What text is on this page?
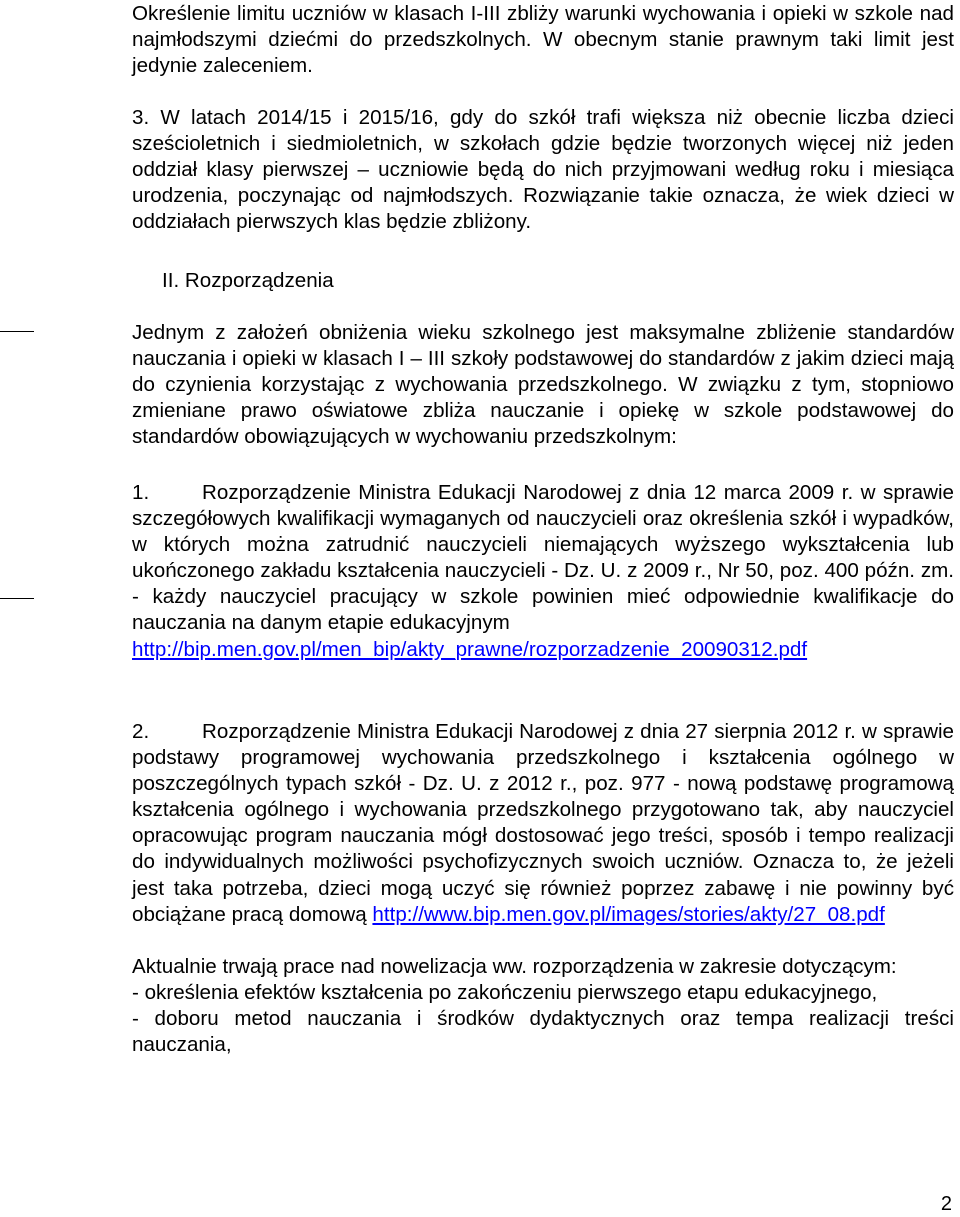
Określenie limitu uczniów w klasach I-III zbliży warunki wychowania i opieki w szkole nad najmłodszymi dziećmi do przedszkolnych. W obecnym stanie prawnym taki limit jest jedynie zaleceniem.

3. W latach 2014/15 i 2015/16, gdy do szkół trafi większa niż obecnie liczba dzieci sześcioletnich i siedmioletnich, w szkołach gdzie będzie tworzonych więcej niż jeden oddział klasy pierwszej – uczniowie będą do nich przyjmowani według roku i miesiąca urodzenia, poczynając od najmłodszych. Rozwiązanie takie oznacza, że wiek dzieci w oddziałach pierwszych klas będzie zbliżony.

II. Rozporządzenia

Jednym z założeń obniżenia wieku szkolnego jest maksymalne zbliżenie standardów nauczania i opieki w klasach I – III szkoły podstawowej do standardów z jakim dzieci mają do czynienia korzystając z wychowania przedszkolnego. W związku z tym, stopniowo zmieniane prawo oświatowe zbliża nauczanie i opiekę w szkole podstawowej do standardów obowiązujących w wychowaniu przedszkolnym:

1.	Rozporządzenie Ministra Edukacji Narodowej z dnia 12 marca 2009 r. w sprawie szczegółowych kwalifikacji wymaganych od nauczycieli oraz określenia szkół i wypadków, w których można zatrudnić nauczycieli niemających wyższego wykształcenia lub ukończonego zakładu kształcenia nauczycieli - Dz. U. z 2009 r., Nr 50, poz. 400 późn. zm. - każdy nauczyciel pracujący w szkole powinien mieć odpowiednie kwalifikacje do nauczania na danym etapie edukacyjnym

http://bip.men.gov.pl/men_bip/akty_prawne/rozporzadzenie_20090312.pdf

2.	Rozporządzenie Ministra Edukacji Narodowej z dnia 27 sierpnia 2012 r. w sprawie podstawy programowej wychowania przedszkolnego i kształcenia ogólnego w poszczególnych typach szkół - Dz. U. z 2012 r., poz. 977 - nową podstawę programową kształcenia ogólnego i wychowania przedszkolnego przygotowano tak, aby nauczyciel opracowując program nauczania mógł dostosować jego treści, sposób i tempo realizacji do indywidualnych możliwości psychofizycznych swoich uczniów. Oznacza to, że jeżeli jest taka potrzeba, dzieci mogą uczyć się również poprzez zabawę i nie powinny być obciążane pracą domową http://www.bip.men.gov.pl/images/stories/akty/27_08.pdf

Aktualnie trwają prace nad nowelizacja ww. rozporządzenia w zakresie dotyczącym:

- określenia efektów kształcenia po zakończeniu pierwszego etapu edukacyjnego,

- doboru metod nauczania i środków dydaktycznych oraz tempa realizacji treści nauczania,

2
